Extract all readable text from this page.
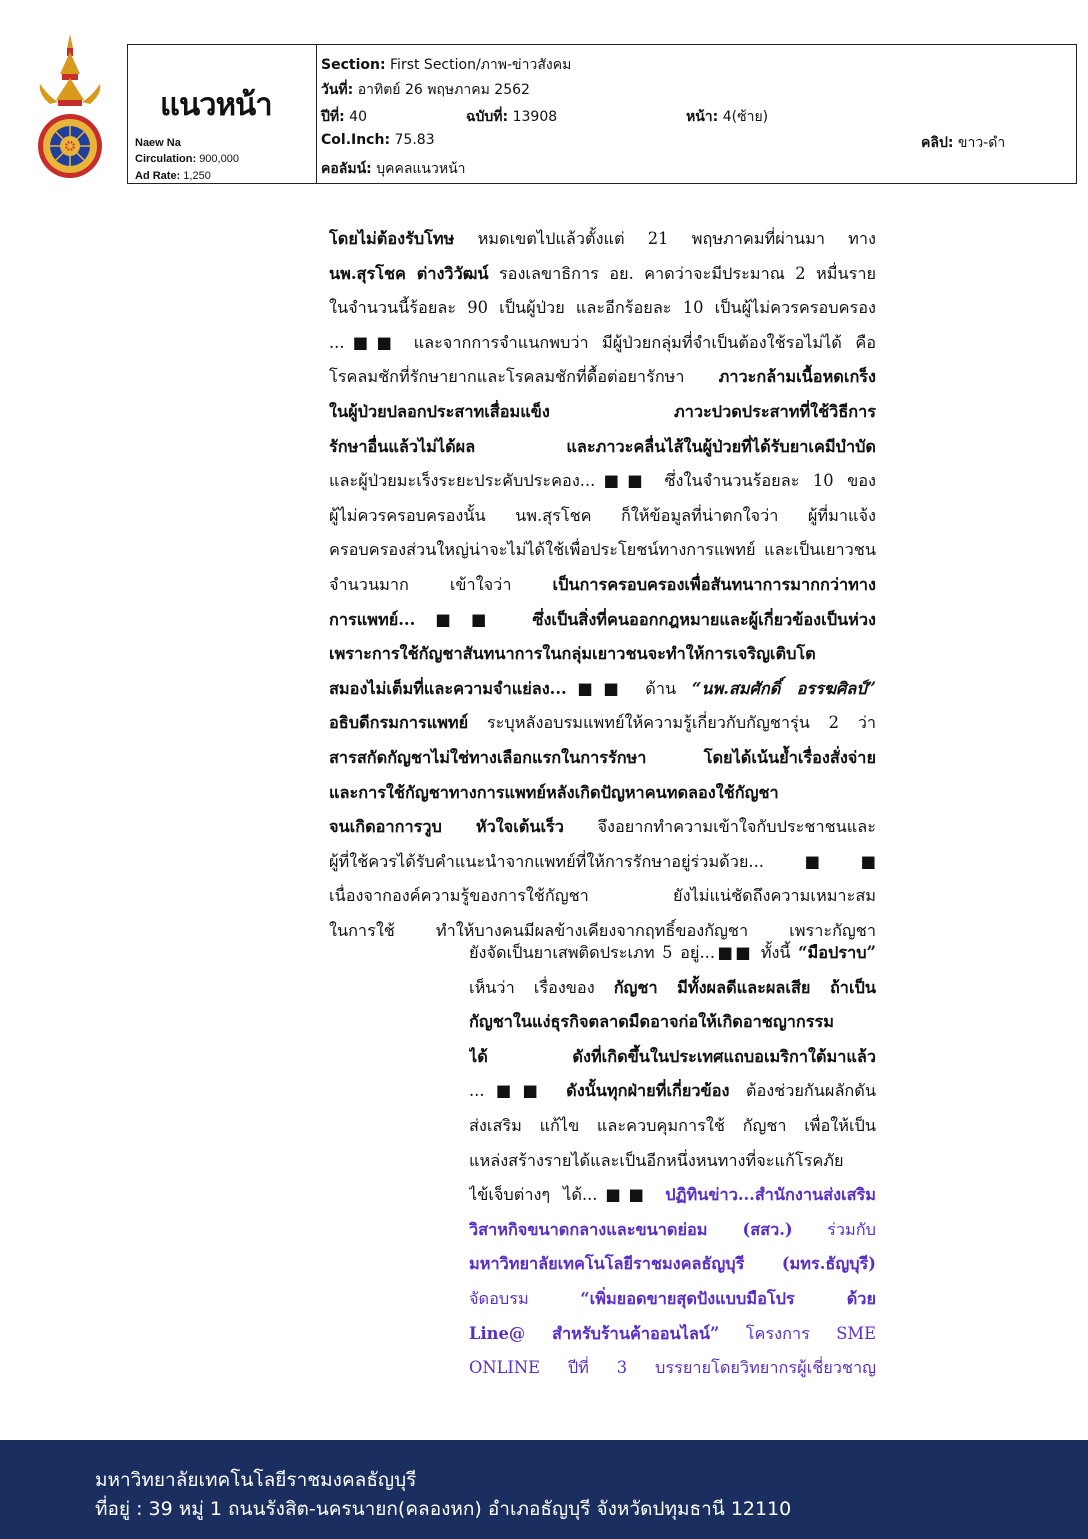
แนวหน้า
Naew Na
Circulation: 900,000
Ad Rate: 1,250
Section: First Section/ภาพ-ข่าวสังคม
วันที่: อาทิตย์ 26 พฤษภาคม 2562
ปีที่: 40	ฉบับที่: 13908	หน้า: 4(ซ้าย)
Col.Inch: 75.83	คลิป: ขาว-ดำ
คอลัมน์: บุคคลแนวหน้า
โดยไม่ต้องรับโทษ หมดเขตไปแล้วตั้งแต่ 21 พฤษภาคมที่ผ่านมา ทาง
นพ.สุรโชค ต่างวิวัฒน์ รองเลขาธิการ อย. คาดว่าจะมีประมาณ 2 หมื่นราย
ในจำนวนนี้ร้อยละ 90 เป็นผู้ป่วย และอีกร้อยละ 10 เป็นผู้ไม่ควรครอบครอง
...■■ และจากการจำแนกพบว่า มีผู้ป่วยกลุ่มที่จำเป็นต้องใช้รอไม่ได้ คือ
โรคลมชักที่รักษายากและโรคลมชักที่ดื้อต่อยารักษา ภาวะกล้ามเนื้อหดเกร็ง
ในผู้ป่วยปลอกประสาทเสื่อมแข็ง ภาวะปวดประสาทที่ใช้วิธีการ
รักษาอื่นแล้วไม่ได้ผล และภาวะคลื่นไส้ในผู้ป่วยที่ได้รับยาเคมีบำบัด
และผู้ป่วยมะเร็งระยะประคับประคอง...■■ ซึ่งในจำนวนร้อยละ 10 ของ
ผู้ไม่ควรครอบครองนั้น นพ.สุรโชค ก็ให้ข้อมูลที่น่าตกใจว่า ผู้ที่มาแจ้ง
ครอบครองส่วนใหญ่น่าจะไม่ได้ใช้เพื่อประโยชน์ทางการแพทย์ และเป็นเยาวชน
จำนวนมาก เข้าใจว่า เป็นการครอบครองเพื่อสันทนาการมากกว่าทาง
การแพทย์...■■ ซึ่งเป็นสิ่งที่คนออกกฎหมายและผู้เกี่ยวข้องเป็นห่วง
เพราะการใช้กัญชาสันทนาการในกลุ่มเยาวชนจะทำให้การเจริญเติบโต
สมองไม่เต็มที่และความจำแย่ลง...■■ ด้าน “นพ.สมศักดิ์ อรรฆศิลป์”
อธิบดีกรมการแพทย์ ระบุหลังอบรมแพทย์ให้ความรู้เกี่ยวกับกัญชารุ่น 2 ว่า
สารสกัดกัญชาไม่ใช่ทางเลือกแรกในการรักษา โดยได้เน้นย้ำเรื่องสั่งจ่าย
และการใช้กัญชาทางการแพทย์หลังเกิดปัญหาคนทดลองใช้กัญชา
จนเกิดอาการวูบ หัวใจเต้นเร็ว จึงอยากทำความเข้าใจกับประชาชนและ
ผู้ที่ใช้ควรได้รับคำแนะนำจากแพทย์ที่ให้การรักษาอยู่ร่วมด้วย...■■
เนื่องจากองค์ความรู้ของการใช้กัญชา ยังไม่แน่ชัดถึงความเหมาะสม
ในการใช้ ทำให้บางคนมีผลข้างเคียงจากฤทธิ์ของกัญชา เพราะกัญชา
ยังจัดเป็นยาเสพติดประเภท 5 อยู่...■■ ทั้งนี้ “มือปราบ”
เห็นว่า เรื่องของ กัญชา มีทั้งผลดีและผลเสีย ถ้าเป็น
กัญชาในแง่ธุรกิจตลาดมืดอาจก่อให้เกิดอาชญากรรม
ได้ ดังที่เกิดขึ้นในประเทศแถบอเมริกาใต้มาแล้ว
...■■ ดังนั้นทุกฝ่ายที่เกี่ยวข้อง ต้องช่วยกันผลักดัน
ส่งเสริม แก้ไข และควบคุมการใช้ กัญชา เพื่อให้เป็น
แหล่งสร้างรายได้และเป็นอีกหนึ่งหนทางที่จะแก้โรคภัย
ไข้เจ็บต่างๆ ได้...■■ ปฏิทินข่าว...สำนักงานส่งเสริม
วิสาหกิจขนาดกลางและขนาดย่อม (สสว.) ร่วมกับ
มหาวิทยาลัยเทคโนโลยีราชมงคลธัญบุรี (มทร.ธัญบุรี)
จัดอบรม “เพิ่มยอดขายสุดปังแบบมือโปร ด้วย
Line@ สำหรับร้านค้าออนไลน์” โครงการ SME
ONLINE ปีที่ 3 บรรยายโดยวิทยากรผู้เชี่ยวชาญ
มหาวิทยาลัยเทคโนโลยีราชมงคลธัญบุรี
ที่อยู่ : 39 หมู่ 1 ถนนรังสิต-นครนายก(คลองหก) อำเภอธัญบุรี จังหวัดปทุมธานี 12110
